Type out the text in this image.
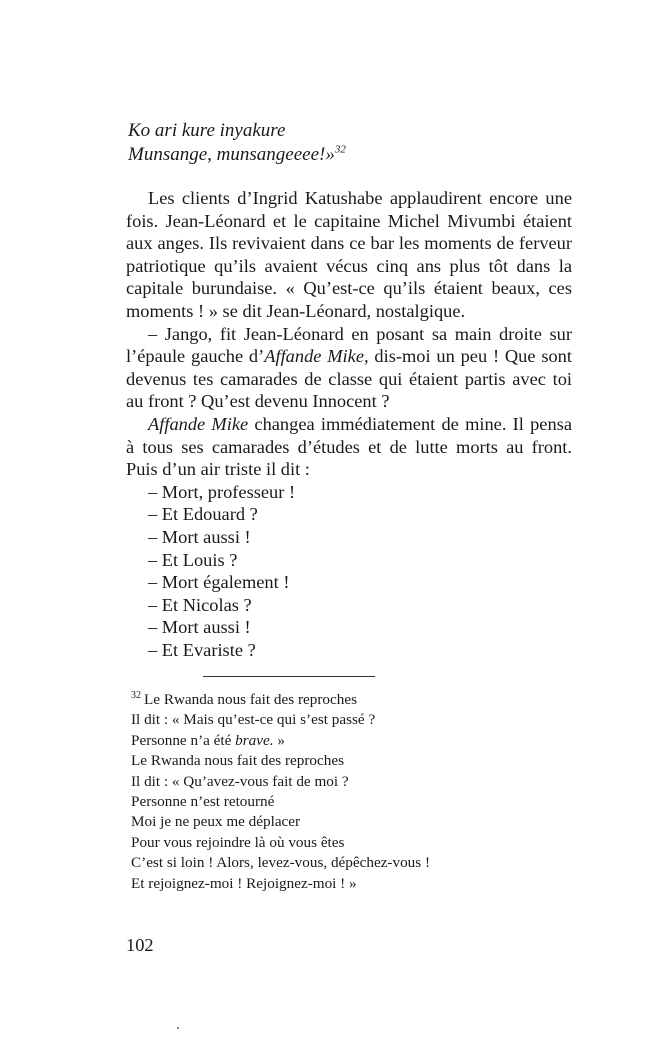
Ko ari kure inyakure
Munsange, munsangeeee!»$^{32}$

Les clients d’Ingrid Katushabe applaudirent encore une fois. Jean-Léonard et le capitaine Michel Mivumbi étaient aux anges. Ils revivaient dans ce bar les moments de ferveur patriotique qu’ils avaient vécus cinq ans plus tôt dans la capitale burundaise. « Qu’est-ce qu’ils étaient beaux, ces moments ! » se dit Jean-Léonard, nostalgique.

– Jango, fit Jean-Léonard en posant sa main droite sur l’épaule gauche d’Affande Mike, dis-moi un peu ! Que sont devenus tes camarades de classe qui étaient partis avec toi au front ? Qu’est devenu Innocent ?

Affande Mike changea immédiatement de mine. Il pensa à tous ses camarades d’études et de lutte morts au front. Puis d’un air triste il dit :

– Mort, professeur !
– Et Edouard ?
– Mort aussi !
– Et Louis ?
– Mort également !
– Et Nicolas ?
– Mort aussi !
– Et Evariste ?
$^{32}$ Le Rwanda nous fait des reproches
Il dit : « Mais qu’est-ce qui s’est passé ?
Personne n’a été brave. »
Le Rwanda nous fait des reproches
Il dit : « Qu’avez-vous fait de moi ?
Personne n’est retourné
Moi je ne peux me déplacer
Pour vous rejoindre là où vous êtes
C’est si loin ! Alors, levez-vous, dépêchez-vous !
Et rejoignez-moi ! Rejoignez-moi ! »
102
